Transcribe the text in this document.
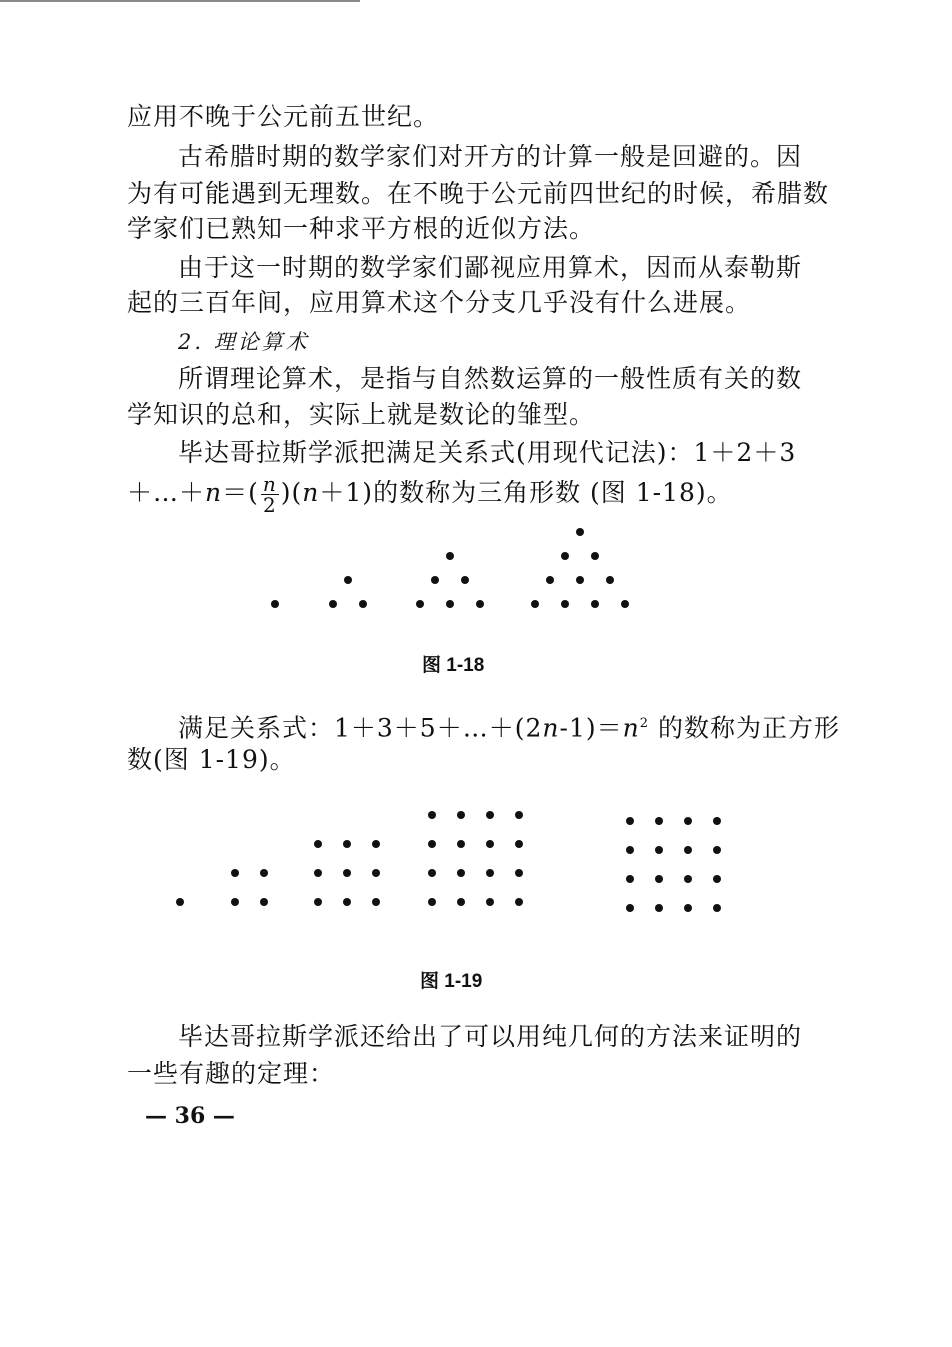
应用不晚于公元前五世纪。
古希腊时期的数学家们对开方的计算一般是回避的。因
为有可能遇到无理数。在不晚于公元前四世纪的时候，希腊数
学家们已熟知一种求平方根的近似方法。
由于这一时期的数学家们鄙视应用算术，因而从泰勒斯
起的三百年间，应用算术这个分支几乎没有什么进展。
2. 理论算术
所谓理论算术，是指与自然数运算的一般性质有关的数
学知识的总和，实际上就是数论的雏型。
毕达哥拉斯学派把满足关系式(用现代记法)：1＋2＋3
＋…＋n＝( $\frac{n}{2} )(n+1)$的数称为三角形数 (图 1-18)。
图 1-18
满足关系式：$1+3+5+\dots+(2n-1)=n^2$ 的数称为正方形
数(图 1-19)。
图 1-19
毕达哥拉斯学派还给出了可以用纯几何的方法来证明的
一些有趣的定理：
— 36 —
